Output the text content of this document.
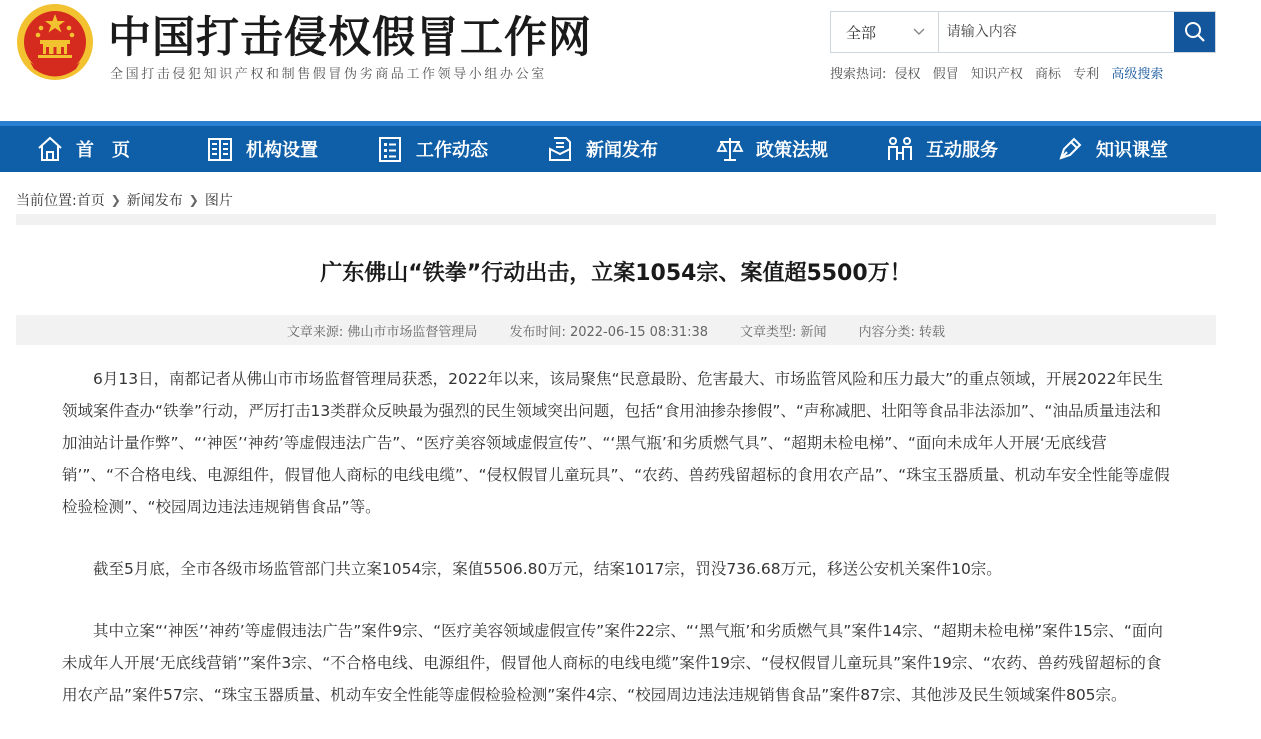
中国打击侵权假冒工作网
全国打击侵犯知识产权和制售假冒伪劣商品工作领导小组办公室
全部
请输入内容
搜索热词: 侵权 假冒 知识产权 商标 专利 高级搜索
首　页	机构设置	工作动态	新闻发布	政策法规	互动服务	知识课堂
当前位置: 首页 ❯ 新闻发布 ❯ 图片
广东佛山“铁拳”行动出击，立案1054宗、案值超5500万！
文章来源: 佛山市市场监督管理局 发布时间: 2022-06-15 08:31:38 文章类型: 新闻 内容分类: 转载

6月13日，南都记者从佛山市市场监督管理局获悉，2022年以来，该局聚焦“民意最盼、危害最大、市场监管风险和压力最大”的重点领域，开展2022年民生领域案件查办“铁拳”行动，严厉打击13类群众反映最为强烈的民生领域突出问题，包括“食用油掺杂掺假”、“声称减肥、壮阳等食品非法添加”、“油品质量违法和加油站计量作弊”、“‘神医’‘神药’等虚假违法广告”、“医疗美容领域虚假宣传”、“‘黑气瓶’和劣质燃气具”、“超期未检电梯”、“面向未成年人开展‘无底线营销’”、“不合格电线、电源组件，假冒他人商标的电线电缆”、“侵权假冒儿童玩具”、“农药、兽药残留超标的食用农产品”、“珠宝玉器质量、机动车安全性能等虚假检验检测”、“校园周边违法违规销售食品”等。

截至5月底，全市各级市场监管部门共立案1054宗，案值5506.80万元，结案1017宗，罚没736.68万元，移送公安机关案件10宗。

其中立案“‘神医’‘神药’等虚假违法广告”案件9宗、“医疗美容领域虚假宣传”案件22宗、“‘黑气瓶’和劣质燃气具”案件14宗、“超期未检电梯”案件15宗、“面向未成年人开展‘无底线营销’”案件3宗、“不合格电线、电源组件，假冒他人商标的电线电缆”案件19宗、“侵权假冒儿童玩具”案件19宗、“农药、兽药残留超标的食用农产品”案件57宗、“珠宝玉器质量、机动车安全性能等虚假检验检测”案件4宗、“校园周边违法违规销售食品”案件87宗、其他涉及民生领域案件805宗。
